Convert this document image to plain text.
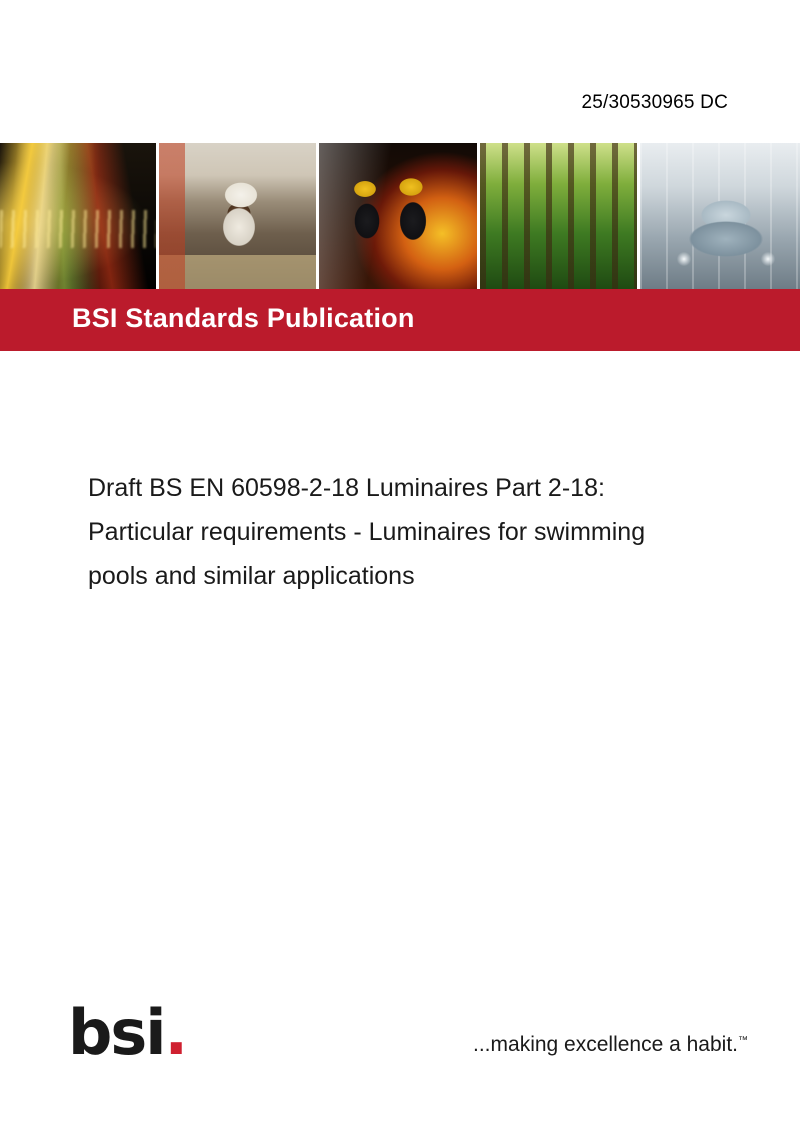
25/30530965 DC
BSI Standards Publication
Draft BS EN 60598-2-18 Luminaires Part 2-18:
Particular requirements - Luminaires for swimming
pools and similar applications
bsi.	...making excellence a habit.™
